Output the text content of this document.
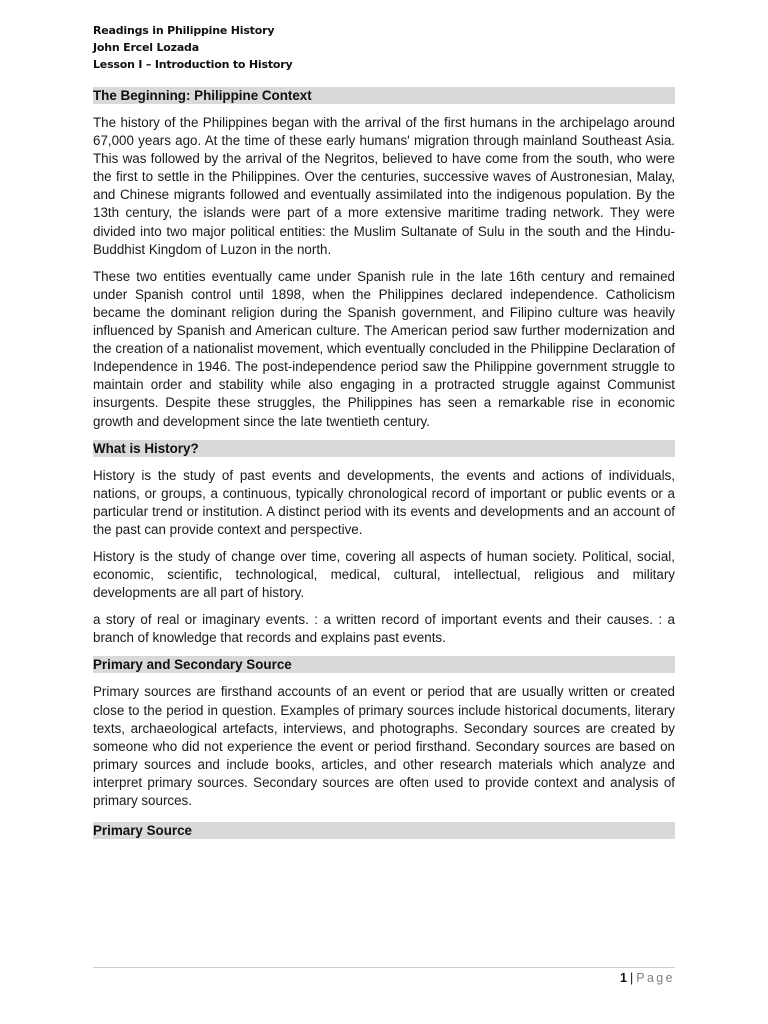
Readings in Philippine History
John Ercel Lozada
Lesson I – Introduction to History
The Beginning: Philippine Context

The history of the Philippines began with the arrival of the first humans in the archipelago around 67,000 years ago. At the time of these early humans' migration through mainland Southeast Asia. This was followed by the arrival of the Negritos, believed to have come from the south, who were the first to settle in the Philippines. Over the centuries, successive waves of Austronesian, Malay, and Chinese migrants followed and eventually assimilated into the indigenous population. By the 13th century, the islands were part of a more extensive maritime trading network. They were divided into two major political entities: the Muslim Sultanate of Sulu in the south and the Hindu-Buddhist Kingdom of Luzon in the north.

These two entities eventually came under Spanish rule in the late 16th century and remained under Spanish control until 1898, when the Philippines declared independence. Catholicism became the dominant religion during the Spanish government, and Filipino culture was heavily influenced by Spanish and American culture. The American period saw further modernization and the creation of a nationalist movement, which eventually concluded in the Philippine Declaration of Independence in 1946. The post-independence period saw the Philippine government struggle to maintain order and stability while also engaging in a protracted struggle against Communist insurgents. Despite these struggles, the Philippines has seen a remarkable rise in economic growth and development since the late twentieth century.

What is History?

History is the study of past events and developments, the events and actions of individuals, nations, or groups, a continuous, typically chronological record of important or public events or a particular trend or institution. A distinct period with its events and developments and an account of the past can provide context and perspective.

History is the study of change over time, covering all aspects of human society. Political, social, economic, scientific, technological, medical, cultural, intellectual, religious and military developments are all part of history.

a story of real or imaginary events. : a written record of important events and their causes. : a branch of knowledge that records and explains past events.

Primary and Secondary Source

Primary sources are firsthand accounts of an event or period that are usually written or created close to the period in question. Examples of primary sources include historical documents, literary texts, archaeological artefacts, interviews, and photographs. Secondary sources are created by someone who did not experience the event or period firsthand. Secondary sources are based on primary sources and include books, articles, and other research materials which analyze and interpret primary sources. Secondary sources are often used to provide context and analysis of primary sources.

Primary Source
1 | Page
